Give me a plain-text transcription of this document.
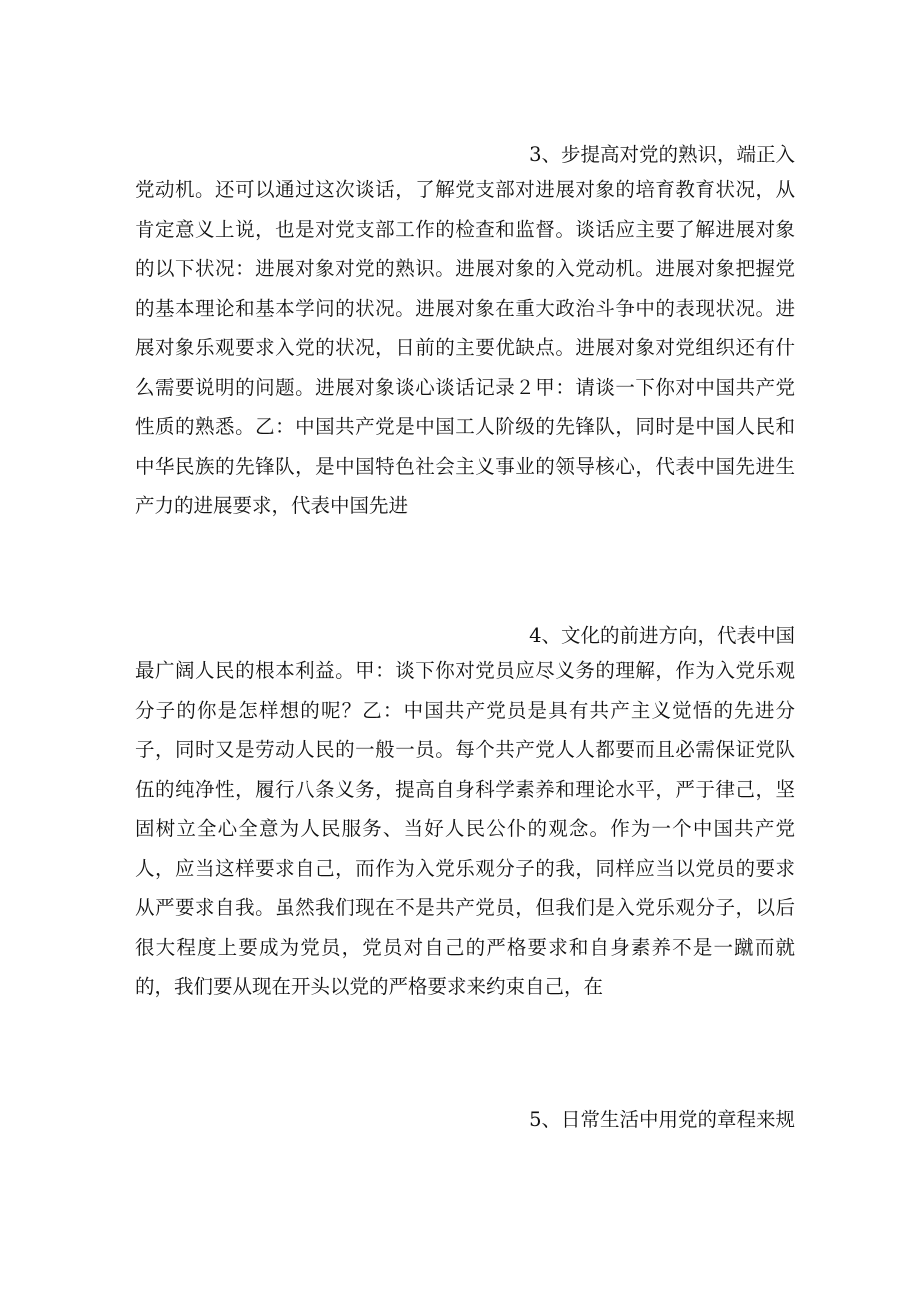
3、步提高对党的熟识，端正入
党动机。还可以通过这次谈话，了解党支部对进展对象的培育教育状况，从肯定意义上说，也是对党支部工作的检查和监督。谈话应主要了解进展对象的以下状况：进展对象对党的熟识。进展对象的入党动机。进展对象把握党的基本理论和基本学问的状况。进展对象在重大政治斗争中的表现状况。进展对象乐观要求入党的状况，日前的主要优缺点。进展对象对党组织还有什么需要说明的问题。进展对象谈心谈话记录２甲：请谈一下你对中国共产党性质的熟悉。乙：中国共产党是中国工人阶级的先锋队，同时是中国人民和中华民族的先锋队，是中国特色社会主义事业的领导核心，代表中国先进生产力的进展要求，代表中国先进
4、文化的前进方向，代表中国
最广阔人民的根本利益。甲：谈下你对党员应尽义务的理解，作为入党乐观分子的你是怎样想的呢？乙：中国共产党员是具有共产主义觉悟的先进分子，同时又是劳动人民的一般一员。每个共产党人人都要而且必需保证党队伍的纯净性，履行八条义务，提高自身科学素养和理论水平，严于律己，坚固树立全心全意为人民服务、当好人民公仆的观念。作为一个中国共产党人，应当这样要求自己，而作为入党乐观分子的我，同样应当以党员的要求从严要求自我。虽然我们现在不是共产党员，但我们是入党乐观分子，以后很大程度上要成为党员，党员对自己的严格要求和自身素养不是一蹴而就的，我们要从现在开头以党的严格要求来约束自己，在
5、日常生活中用党的章程来规
